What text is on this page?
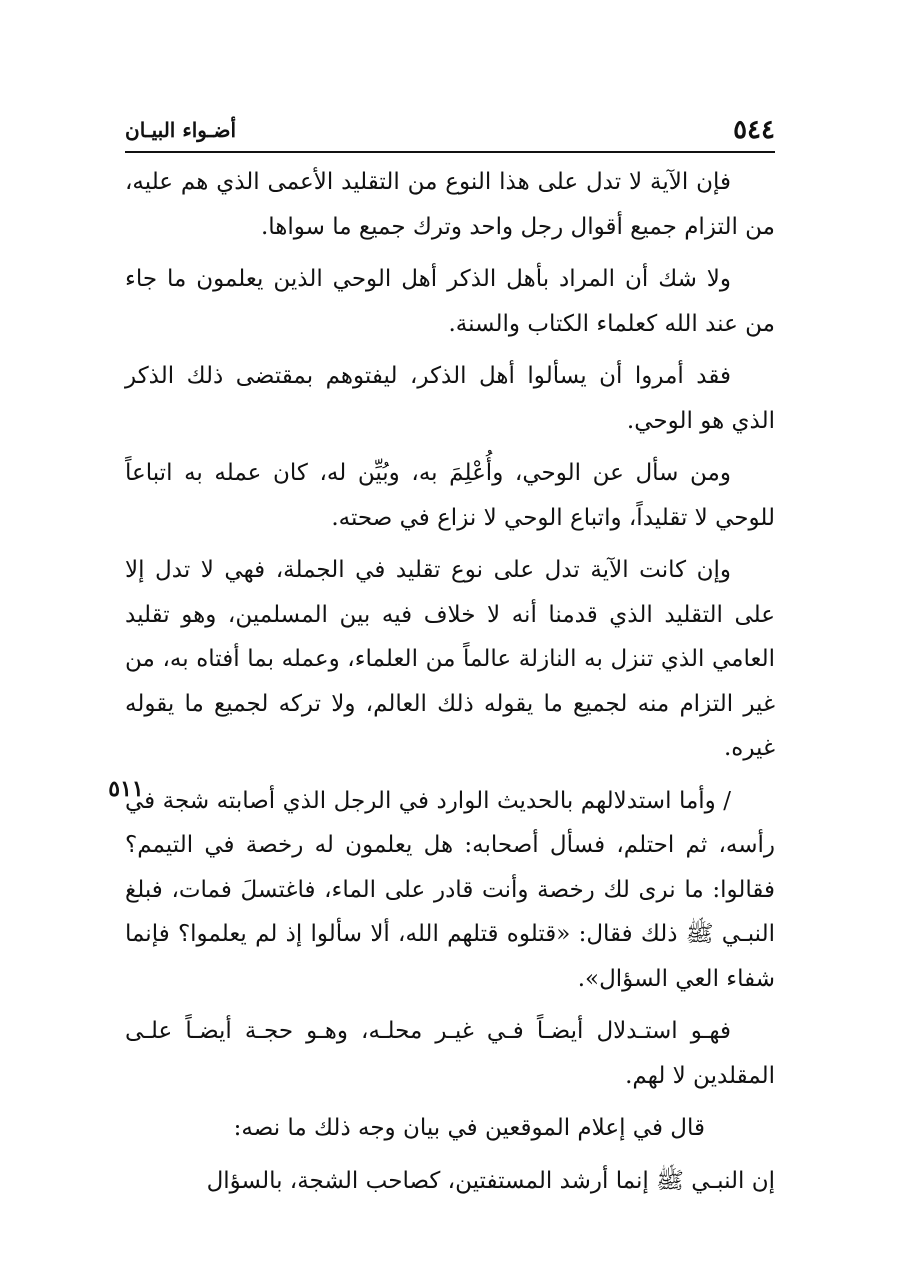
٥٤٤
أضـواء البيـان
٥١١

فإن الآية لا تدل على هذا النوع من التقليد الأعمى الذي هم عليه، من التزام جميع أقوال رجل واحد وترك جميع ما سواها.

ولا شك أن المراد بأهل الذكر أهل الوحي الذين يعلمون ما جاء من عند الله كعلماء الكتاب والسنة.

فقد أمروا أن يسألوا أهل الذكر، ليفتوهم بمقتضى ذلك الذكر الذي هو الوحي.

ومن سأل عن الوحي، وأُعْلِمَ به، وبُيِّن له، كان عمله به اتباعاً للوحي لا تقليداً، واتباع الوحي لا نزاع في صحته.

وإن كانت الآية تدل على نوع تقليد في الجملة، فهي لا تدل إلا على التقليد الذي قدمنا أنه لا خلاف فيه بين المسلمين، وهو تقليد العامي الذي تنزل به النازلة عالماً من العلماء، وعمله بما أفتاه به، من غير التزام منه لجميع ما يقوله ذلك العالم، ولا تركه لجميع ما يقوله غيره.

/ وأما استدلالهم بالحديث الوارد في الرجل الذي أصابته شجة في رأسه، ثم احتلم، فسأل أصحابه: هل يعلمون له رخصة في التيمم؟ فقالوا: ما نرى لك رخصة وأنت قادر على الماء، فاغتسلَ فمات، فبلغ النبـي ﷺ ذلك فقال: «قتلوه قتلهم الله، ألا سألوا إذ لم يعلموا؟ فإنما شفاء العي السؤال».

فهـو استـدلال أيضـاً فـي غيـر محلـه، وهـو حجـة أيضـاً علـى المقلدين لا لهم.

قال في إعلام الموقعين في بيان وجه ذلك ما نصه:

إن النبـي ﷺ إنما أرشد المستفتين، كصاحب الشجة، بالسؤال
